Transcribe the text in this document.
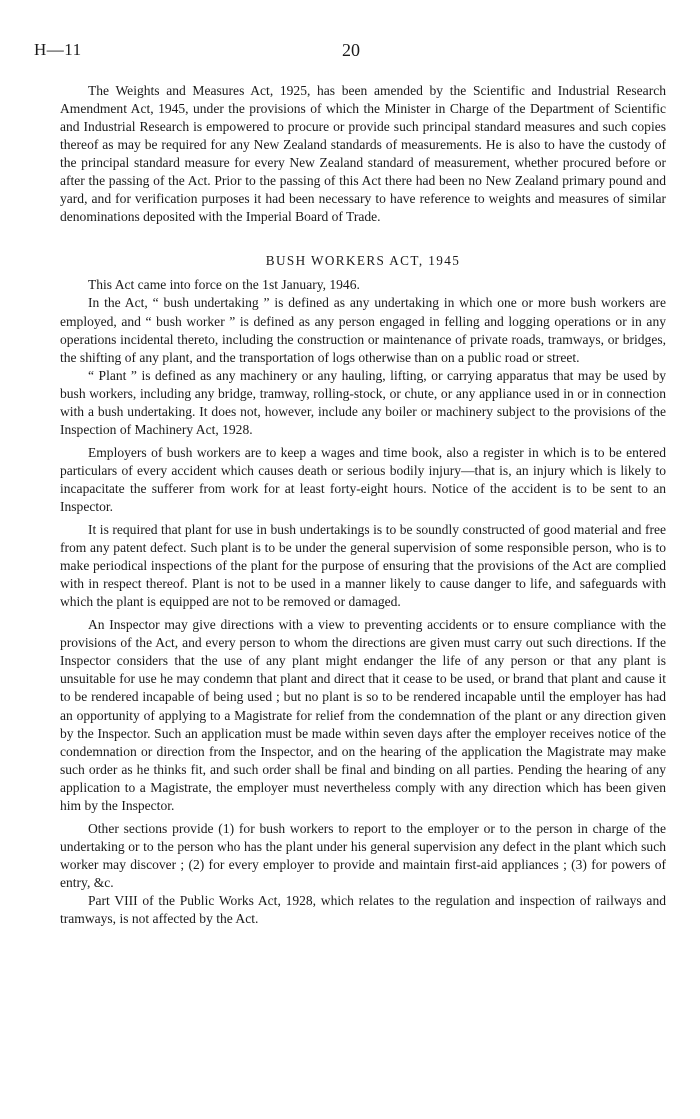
H—11	20

The Weights and Measures Act, 1925, has been amended by the Scientific and Industrial Research Amendment Act, 1945, under the provisions of which the Minister in Charge of the Department of Scientific and Industrial Research is empowered to procure or provide such principal standard measures and such copies thereof as may be required for any New Zealand standards of measurements. He is also to have the custody of the principal standard measure for every New Zealand standard of measurement, whether procured before or after the passing of the Act. Prior to the passing of this Act there had been no New Zealand primary pound and yard, and for verification purposes it had been necessary to have reference to weights and measures of similar denominations deposited with the Imperial Board of Trade.

BUSH WORKERS ACT, 1945

This Act came into force on the 1st January, 1946.

In the Act, “ bush undertaking ” is defined as any undertaking in which one or more bush workers are employed, and “ bush worker ” is defined as any person engaged in felling and logging operations or in any operations incidental thereto, including the construction or maintenance of private roads, tramways, or bridges, the shifting of any plant, and the transportation of logs otherwise than on a public road or street.

“ Plant ” is defined as any machinery or any hauling, lifting, or carrying apparatus that may be used by bush workers, including any bridge, tramway, rolling-stock, or chute, or any appliance used in or in connection with a bush undertaking. It does not, however, include any boiler or machinery subject to the provisions of the Inspection of Machinery Act, 1928.

Employers of bush workers are to keep a wages and time book, also a register in which is to be entered particulars of every accident which causes death or serious bodily injury—that is, an injury which is likely to incapacitate the sufferer from work for at least forty-eight hours. Notice of the accident is to be sent to an Inspector.

It is required that plant for use in bush undertakings is to be soundly constructed of good material and free from any patent defect. Such plant is to be under the general supervision of some responsible person, who is to make periodical inspections of the plant for the purpose of ensuring that the provisions of the Act are complied with in respect thereof. Plant is not to be used in a manner likely to cause danger to life, and safeguards with which the plant is equipped are not to be removed or damaged.

An Inspector may give directions with a view to preventing accidents or to ensure compliance with the provisions of the Act, and every person to whom the directions are given must carry out such directions. If the Inspector considers that the use of any plant might endanger the life of any person or that any plant is unsuitable for use he may condemn that plant and direct that it cease to be used, or brand that plant and cause it to be rendered incapable of being used ; but no plant is so to be rendered incapable until the employer has had an opportunity of applying to a Magistrate for relief from the condemnation of the plant or any direction given by the Inspector. Such an application must be made within seven days after the employer receives notice of the condemnation or direction from the Inspector, and on the hearing of the application the Magistrate may make such order as he thinks fit, and such order shall be final and binding on all parties. Pending the hearing of any application to a Magistrate, the employer must nevertheless comply with any direction which has been given him by the Inspector.

Other sections provide (1) for bush workers to report to the employer or to the person in charge of the undertaking or to the person who has the plant under his general supervision any defect in the plant which such worker may discover ; (2) for every employer to provide and maintain first-aid appliances ; (3) for powers of entry, &c.

Part VIII of the Public Works Act, 1928, which relates to the regulation and inspection of railways and tramways, is not affected by the Act.
